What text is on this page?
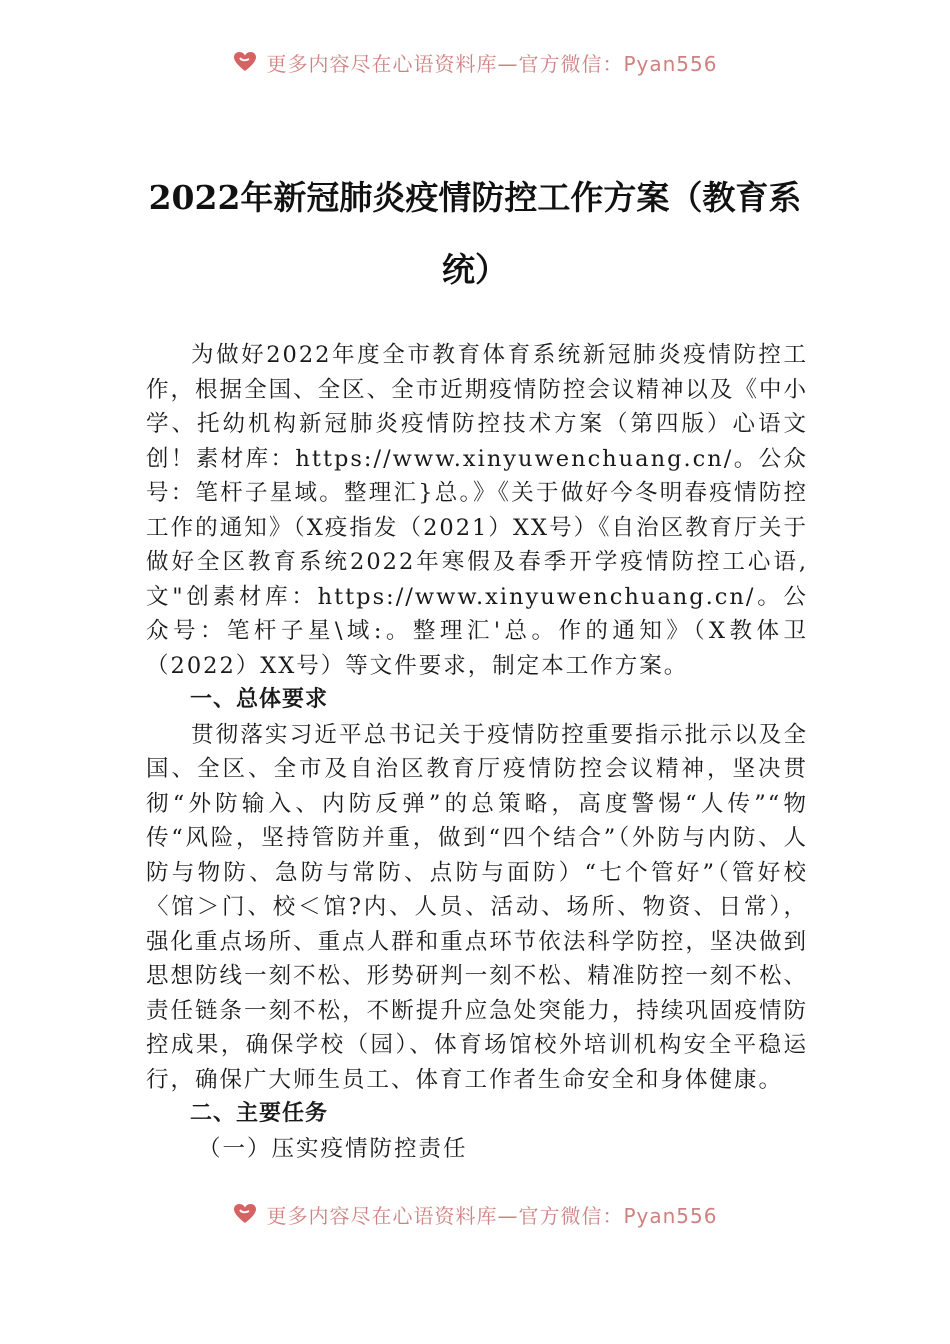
更多内容尽在心语资料库—官方微信：Pyan556
2022年新冠肺炎疫情防控工作方案（教育系统）

为做好2022年度全市教育体育系统新冠肺炎疫情防控工作，根据全国、全区、全市近期疫情防控会议精神以及《中小学、托幼机构新冠肺炎疫情防控技术方案（第四版）心语文创！素材库：https://www.xinyuwenchuang.cn/。公众号：笔杆子星域。整理汇}总。》《关于做好今冬明春疫情防控工作的通知》（X疫指发（2021）XX号）《自治区教育厅关于做好全区教育系统2022年寒假及春季开学疫情防控工心语,文"创素材库：https://www.xinyuwenchuang.cn/。公众号：笔杆子星\域:。整理汇'总。作的通知》（X教体卫（2022）XX号）等文件要求，制定本工作方案。

一、总体要求

贯彻落实习近平总书记关于疫情防控重要指示批示以及全国、全区、全市及自治区教育厅疫情防控会议精神，坚决贯彻“外防输入、内防反弹”的总策略，高度警惕“人传”“物传“风险，坚持管防并重，做到“四个结合”（外防与内防、人防与物防、急防与常防、点防与面防）“七个管好”（管好校〈馆＞门、校＜馆?内、人员、活动、场所、物资、日常），强化重点场所、重点人群和重点环节依法科学防控，坚决做到思想防线一刻不松、形势研判一刻不松、精准防控一刻不松、责任链条一刻不松，不断提升应急处突能力，持续巩固疫情防控成果，确保学校（园）、体育场馆校外培训机构安全平稳运行，确保广大师生员工、体育工作者生命安全和身体健康。

二、主要任务

（一）压实疫情防控责任

更多内容尽在心语资料库—官方微信：Pyan556
